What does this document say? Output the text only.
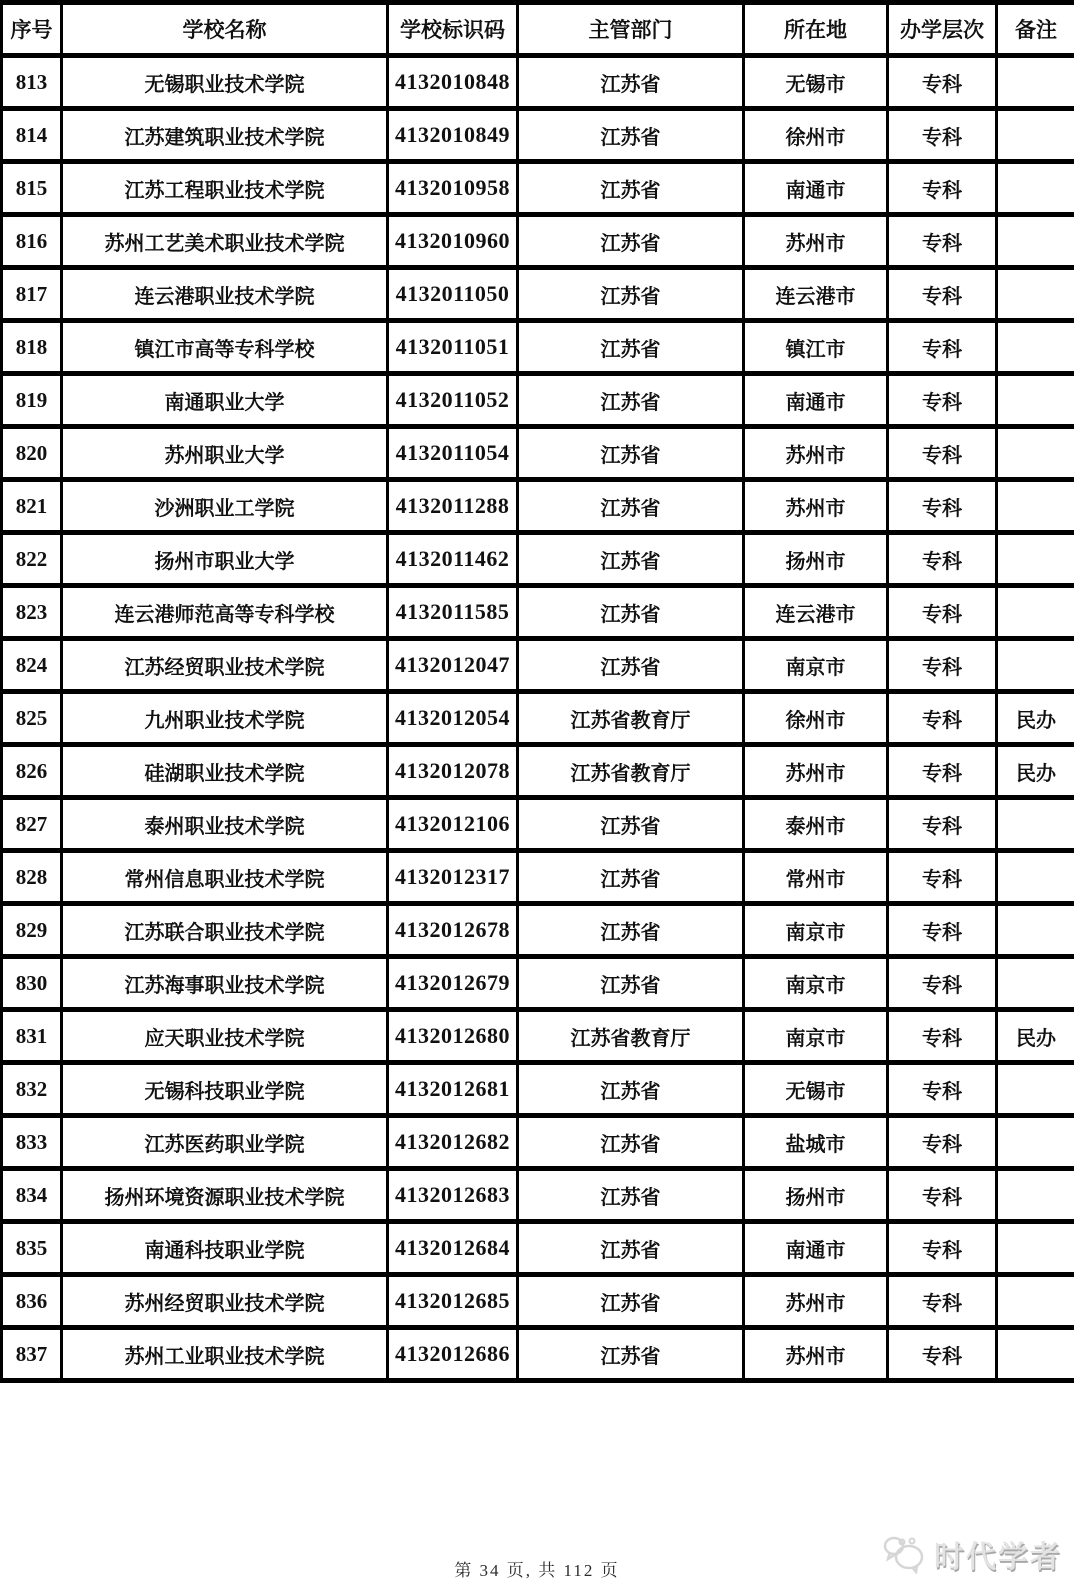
序号	学校名称	学校标识码	主管部门	所在地	办学层次	备注
813	无锡职业技术学院	4132010848	江苏省	无锡市	专科	
814	江苏建筑职业技术学院	4132010849	江苏省	徐州市	专科	
815	江苏工程职业技术学院	4132010958	江苏省	南通市	专科	
816	苏州工艺美术职业技术学院	4132010960	江苏省	苏州市	专科	
817	连云港职业技术学院	4132011050	江苏省	连云港市	专科	
818	镇江市高等专科学校	4132011051	江苏省	镇江市	专科	
819	南通职业大学	4132011052	江苏省	南通市	专科	
820	苏州职业大学	4132011054	江苏省	苏州市	专科	
821	沙洲职业工学院	4132011288	江苏省	苏州市	专科	
822	扬州市职业大学	4132011462	江苏省	扬州市	专科	
823	连云港师范高等专科学校	4132011585	江苏省	连云港市	专科	
824	江苏经贸职业技术学院	4132012047	江苏省	南京市	专科	
825	九州职业技术学院	4132012054	江苏省教育厅	徐州市	专科	民办
826	硅湖职业技术学院	4132012078	江苏省教育厅	苏州市	专科	民办
827	泰州职业技术学院	4132012106	江苏省	泰州市	专科	
828	常州信息职业技术学院	4132012317	江苏省	常州市	专科	
829	江苏联合职业技术学院	4132012678	江苏省	南京市	专科	
830	江苏海事职业技术学院	4132012679	江苏省	南京市	专科	
831	应天职业技术学院	4132012680	江苏省教育厅	南京市	专科	民办
832	无锡科技职业学院	4132012681	江苏省	无锡市	专科	
833	江苏医药职业学院	4132012682	江苏省	盐城市	专科	
834	扬州环境资源职业技术学院	4132012683	江苏省	扬州市	专科	
835	南通科技职业学院	4132012684	江苏省	南通市	专科	
836	苏州经贸职业技术学院	4132012685	江苏省	苏州市	专科	
837	苏州工业职业技术学院	4132012686	江苏省	苏州市	专科	
第 34 页, 共 112 页	时代学者
